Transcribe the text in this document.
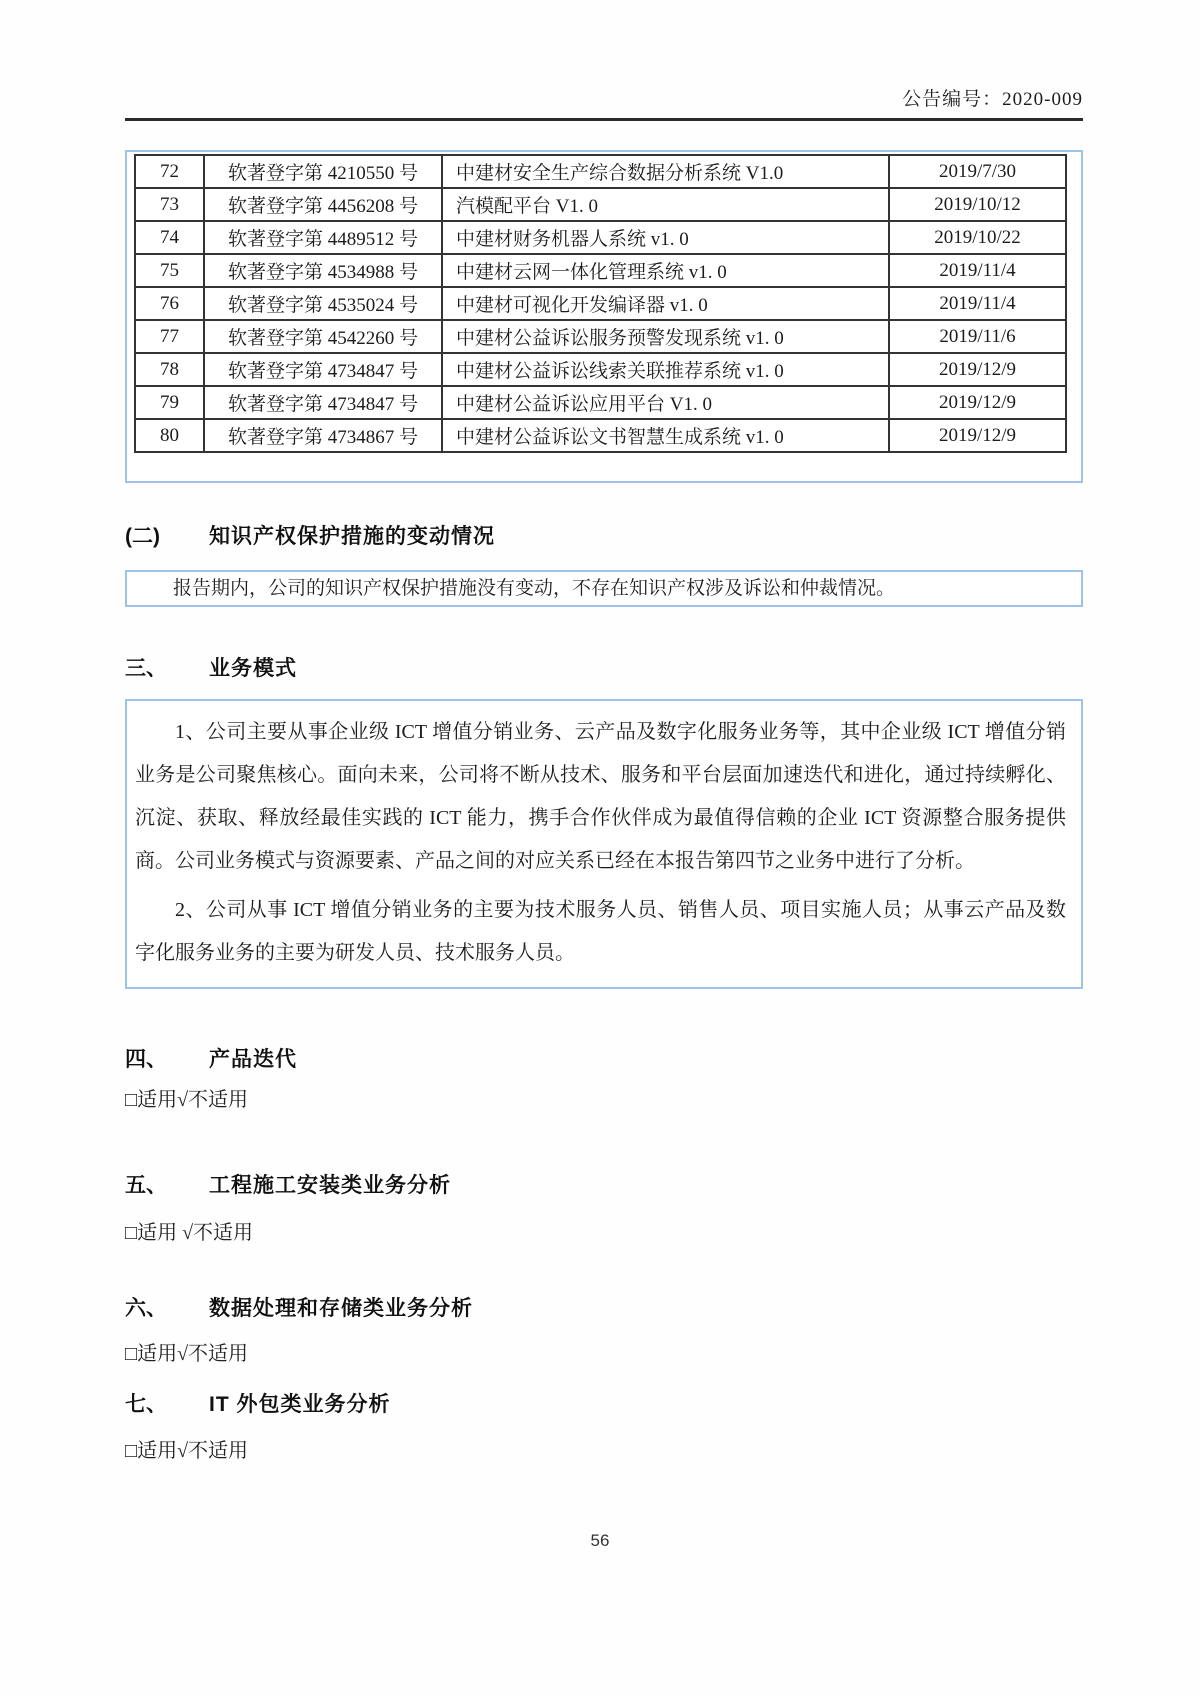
公告编号：2020-009
72	软著登字第 4210550 号	中建材安全生产综合数据分析系统 V1.0	2019/7/30
73	软著登字第 4456208 号	汽模配平台 V1. 0	2019/10/12
74	软著登字第 4489512 号	中建材财务机器人系统 v1. 0	2019/10/22
75	软著登字第 4534988 号	中建材云网一体化管理系统 v1. 0	2019/11/4
76	软著登字第 4535024 号	中建材可视化开发编译器 v1. 0	2019/11/4
77	软著登字第 4542260 号	中建材公益诉讼服务预警发现系统 v1. 0	2019/11/6
78	软著登字第 4734847 号	中建材公益诉讼线索关联推荐系统 v1. 0	2019/12/9
79	软著登字第 4734847 号	中建材公益诉讼应用平台 V1. 0	2019/12/9
80	软著登字第 4734867 号	中建材公益诉讼文书智慧生成系统 v1. 0	2019/12/9
(二)	知识产权保护措施的变动情况

报告期内，公司的知识产权保护措施没有变动，不存在知识产权涉及诉讼和仲裁情况。

三、	业务模式

1、公司主要从事企业级 ICT 增值分销业务、云产品及数字化服务业务等，其中企业级 ICT 增值分销业务是公司聚焦核心。面向未来，公司将不断从技术、服务和平台层面加速迭代和进化，通过持续孵化、沉淀、获取、释放经最佳实践的 ICT 能力，携手合作伙伴成为最值得信赖的企业 ICT 资源整合服务提供商。公司业务模式与资源要素、产品之间的对应关系已经在本报告第四节之业务中进行了分析。

2、公司从事 ICT 增值分销业务的主要为技术服务人员、销售人员、项目实施人员；从事云产品及数字化服务业务的主要为研发人员、技术服务人员。

四、	产品迭代
□适用√不适用
五、	工程施工安装类业务分析
□适用 √不适用
六、	数据处理和存储类业务分析
□适用√不适用
七、	IT 外包类业务分析
□适用√不适用
56
